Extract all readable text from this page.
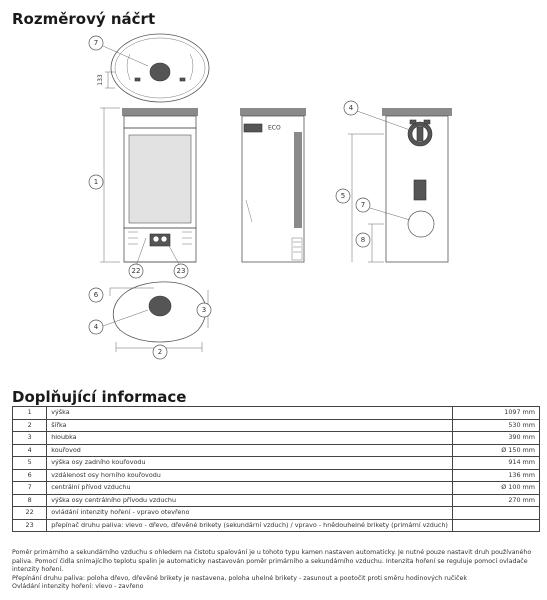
Rozměrový náčrt
133
7
1
22	23
ECO
4
5
7
8
6
4
3
2
Doplňující informace
1	výška	1097 mm
2	šířka	530 mm
3	hloubka	390 mm
4	kouřovod	Ø 150 mm
5	výška osy zadního kouřovodu	914 mm
6	vzdálenost osy horního kouřovodu	136 mm
7	centrální přívod vzduchu	Ø 100 mm
8	výška osy centrálního přívodu vzduchu	270 mm
22	ovládání intenzity hoření - vpravo otevřeno	
23	přepínač druhu paliva: vlevo - dřevo, dřevěné brikety (sekundární vzduch) / vpravo - hnědouhelné brikety (primární vzduch)	

Poměr primárního a sekundárního vzduchu s ohledem na čistotu spalování je u tohoto typu kamen nastaven automaticky. Je nutné pouze nastavit druh používaného paliva. Pomocí čidla snímajícího teplotu spalin je automaticky nastavován poměr primárního a sekundárního vzduchu. Intenzita hoření se reguluje pomocí ovladače intenzity hoření.

Přepínání druhu paliva: poloha dřevo, dřevěné brikety je nastavena, poloha uhelné brikety - zasunout a pootočit proti směru hodinových ručiček

Ovládání intenzity hoření: vlevo - zavřeno
